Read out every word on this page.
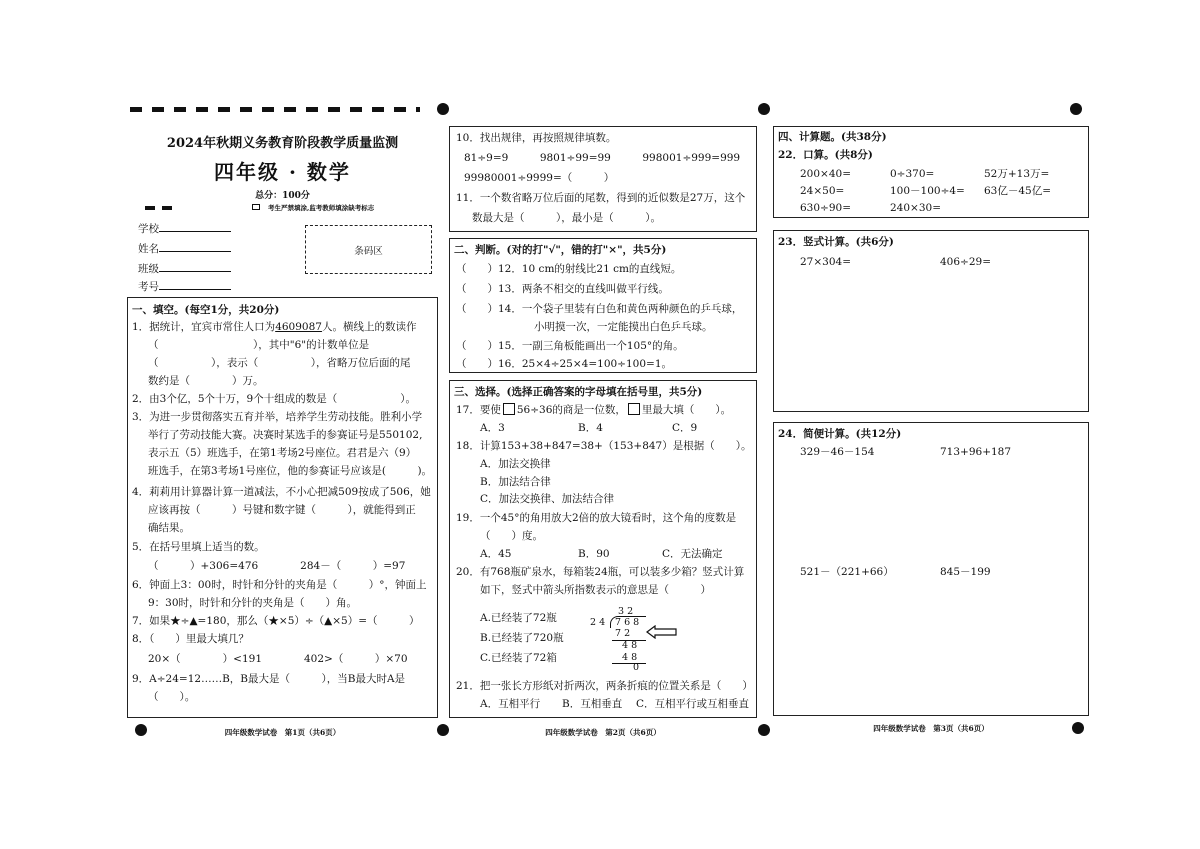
2024年秋期义务教育阶段教学质量监测
四年级 · 数学
总分：100分
考生严禁填涂,监考教师填涂缺考标志
学校
姓名
班级
考号
条码区
一、填空。(每空1分，共20分)
1．据统计，宜宾市常住人口为4609087人。横线上的数读作
（　　　　　　　　　），其中"6"的计数单位是
（　　　　　），表示（　　　　　），省略万位后面的尾
数约是（　　　　）万。
2．由3个亿，5个十万，9个十组成的数是（　　　　　　）。
3．为进一步贯彻落实五育并举，培养学生劳动技能。胜利小学
举行了劳动技能大赛。决赛时某选手的参赛证号是550102,
表示五（5）班选手，在第1考场2号座位。君君是六（9）
班选手，在第3考场1号座位，他的参赛证号应该是(　　　)。
4．莉莉用计算器计算一道减法，不小心把减509按成了506，她
应该再按（　　　）号键和数字键（　　　），就能得到正
确结果。
5．在括号里填上适当的数。
（　　　）+306=476　　　　284－（　　　）=97
6．钟面上3：00时，时针和分针的夹角是（　　　）°，钟面上
9：30时，时针和分针的夹角是（　　）角。
7．如果★÷▲=180，那么（★×5）÷（▲×5）=（　　　）
8．（　　）里最大填几？
20×（　　　　）<191　　　　402>（　　　）×70
9．A÷24=12……B，B最大是（　　　），当B最大时A是
（　　）。
10．找出规律，再按照规律填数。
81÷9=9　　　9801÷99=99　　　998001÷999=999
99980001÷9999=（　　　）
11．一个数省略万位后面的尾数，得到的近似数是27万，这个
数最大是（　　　），最小是（　　　）。
二、判断。(对的打"√"，错的打"×"，共5分)
（　　）12．10 cm的射线比21 cm的直线短。
（　　）13．两条不相交的直线叫做平行线。
（　　）14．一个袋子里装有白色和黄色两种颜色的乒乓球，
小明摸一次，一定能摸出白色乒乓球。
（　　）15．一副三角板能画出一个105°的角。
（　　）16．25×4÷25×4=100÷100=1。
三、选择。(选择正确答案的字母填在括号里，共5分)
17．要使 56÷36的商是一位数， 里最大填（　　）。
A．3	B．4	C．9
18．计算153+38+847=38+（153+847）是根据（　　）。
A．加法交换律
B．加法结合律
C．加法交换律、加法结合律
19．一个45°的角用放大2倍的放大镜看时，这个角的度数是
（　　）度。
A．45	B．90	C．无法确定
20．有768瓶矿泉水，每箱装24瓶，可以装多少箱？竖式计算
如下，竖式中箭头所指数表示的意思是（　　　）
A.已经装了72瓶
B.已经装了720瓶
C.已经装了72箱
3 2
2 4 7 6 8
7 2
4 8
4 8
0
21．把一张长方形纸对折两次，两条折痕的位置关系是（　　）
A．互相平行 B．互相垂直 C．互相平行或互相垂直
四、计算题。(共38分)
22．口算。(共8分)
200×40=	0÷370=	52万+13万=
24×50=	100－100÷4= 63亿－45亿=
630÷90=	240×30=
23．竖式计算。(共6分)
27×304=	406÷29=
24．简便计算。(共12分)
329－46－154	713+96+187
521－（221+66）	845－199
四年级数学试卷　第1页（共6页）	四年级数学试卷　第2页（共6页）	四年级数学试卷　第3页（共6页）
